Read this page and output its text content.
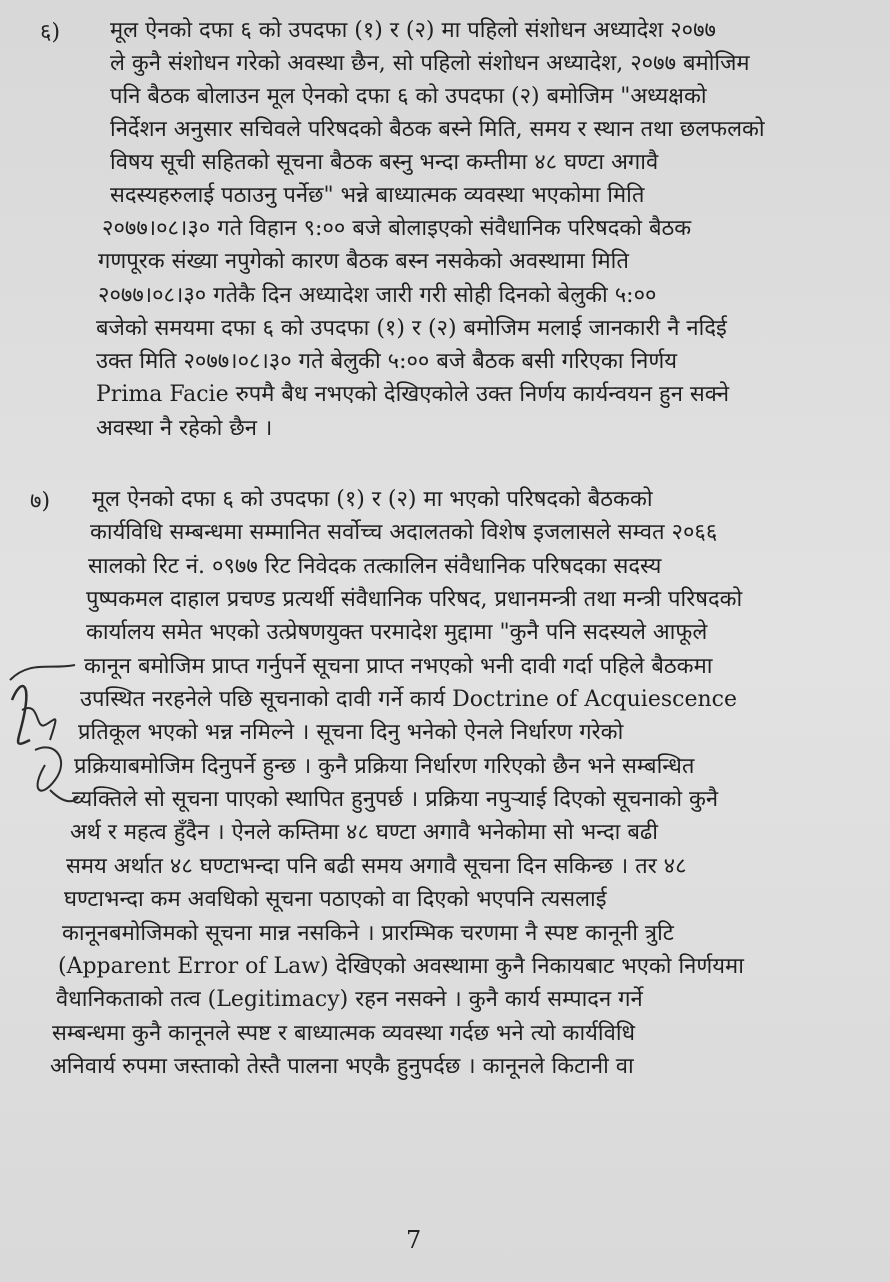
६) मूल ऐनको दफा ६ को उपदफा (१) र (२) मा पहिलो संशोधन अध्यादेश २०७७
ले कुनै संशोधन गरेको अवस्था छैन, सो पहिलो संशोधन अध्यादेश, २०७७ बमोजिम
पनि बैठक बोलाउन मूल ऐनको दफा ६ को उपदफा (२) बमोजिम "अध्यक्षको
निर्देशन अनुसार सचिवले परिषदको बैठक बस्ने मिति, समय र स्थान तथा छलफलको
विषय सूची सहितको सूचना बैठक बस्नु भन्दा कम्तीमा ४८ घण्टा अगावै
सदस्यहरुलाई पठाउनु पर्नेछ" भन्ने बाध्यात्मक व्यवस्था भएकोमा मिति
२०७७।०८।३० गते विहान ९:०० बजे बोलाइएको संवैधानिक परिषदको बैठक
गणपूरक संख्या नपुगेको कारण बैठक बस्न नसकेको अवस्थामा मिति
२०७७।०८।३० गतेकै दिन अध्यादेश जारी गरी सोही दिनको बेलुकी ५:००
बजेको समयमा दफा ६ को उपदफा (१) र (२) बमोजिम मलाई जानकारी नै नदिई
उक्त मिति २०७७।०८।३० गते बेलुकी ५:०० बजे बैठक बसी गरिएका निर्णय
Prima Facie रुपमै बैध नभएको देखिएकोले उक्त निर्णय कार्यन्वयन हुन सक्ने
अवस्था नै रहेको छैन ।
७) मूल ऐनको दफा ६ को उपदफा (१) र (२) मा भएको परिषदको बैठकको
कार्यविधि सम्बन्धमा सम्मानित सर्वोच्च अदालतको विशेष इजलासले सम्वत २०६६
सालको रिट नं. ०९७७ रिट निवेदक तत्कालिन संवैधानिक परिषदका सदस्य
पुष्पकमल दाहाल प्रचण्ड प्रत्यर्थी संवैधानिक परिषद, प्रधानमन्त्री तथा मन्त्री परिषदको
कार्यालय समेत भएको उत्प्रेषणयुक्त परमादेश मुद्दामा "कुनै पनि सदस्यले आफूले
कानून बमोजिम प्राप्त गर्नुपर्ने सूचना प्राप्त नभएको भनी दावी गर्दा पहिले बैठकमा
उपस्थित नरहनेले पछि सूचनाको दावी गर्ने कार्य Doctrine of Acquiescence
प्रतिकूल भएको भन्न नमिल्ने । सूचना दिनु भनेको ऐनले निर्धारण गरेको
प्रक्रियाबमोजिम दिनुपर्ने हुन्छ । कुनै प्रक्रिया निर्धारण गरिएको छैन भने सम्बन्धित
व्यक्तिले सो सूचना पाएको स्थापित हुनुपर्छ । प्रक्रिया नपुऱ्याई दिएको सूचनाको कुनै
अर्थ र महत्व हुँदैन । ऐनले कम्तिमा ४८ घण्टा अगावै भनेकोमा सो भन्दा बढी
समय अर्थात ४८ घण्टाभन्दा पनि बढी समय अगावै सूचना दिन सकिन्छ । तर ४८
घण्टाभन्दा कम अवधिको सूचना पठाएको वा दिएको भएपनि त्यसलाई
कानूनबमोजिमको सूचना मान्न नसकिने । प्रारम्भिक चरणमा नै स्पष्ट कानूनी त्रुटि
(Apparent Error of Law) देखिएको अवस्थामा कुनै निकायबाट भएको निर्णयमा
वैधानिकताको तत्व (Legitimacy) रहन नसक्ने । कुनै कार्य सम्पादन गर्ने
सम्बन्धमा कुनै कानूनले स्पष्ट र बाध्यात्मक व्यवस्था गर्दछ भने त्यो कार्यविधि
अनिवार्य रुपमा जस्ताको तेस्तै पालना भएकै हुनुपर्दछ । कानूनले किटानी वा
7
